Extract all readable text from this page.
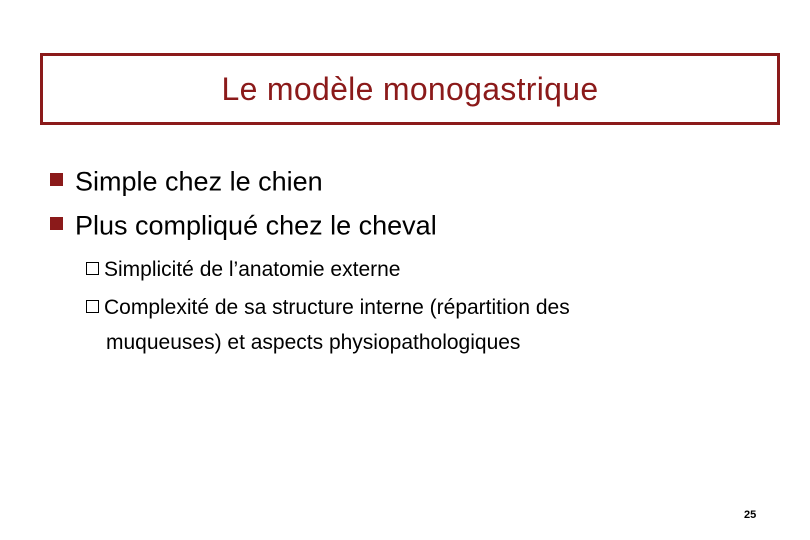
Le modèle monogastrique
Simple chez le chien
Plus compliqué chez le cheval
Simplicité de l’anatomie externe
Complexité de sa structure interne (répartition des
muqueuses) et aspects physiopathologiques
25
